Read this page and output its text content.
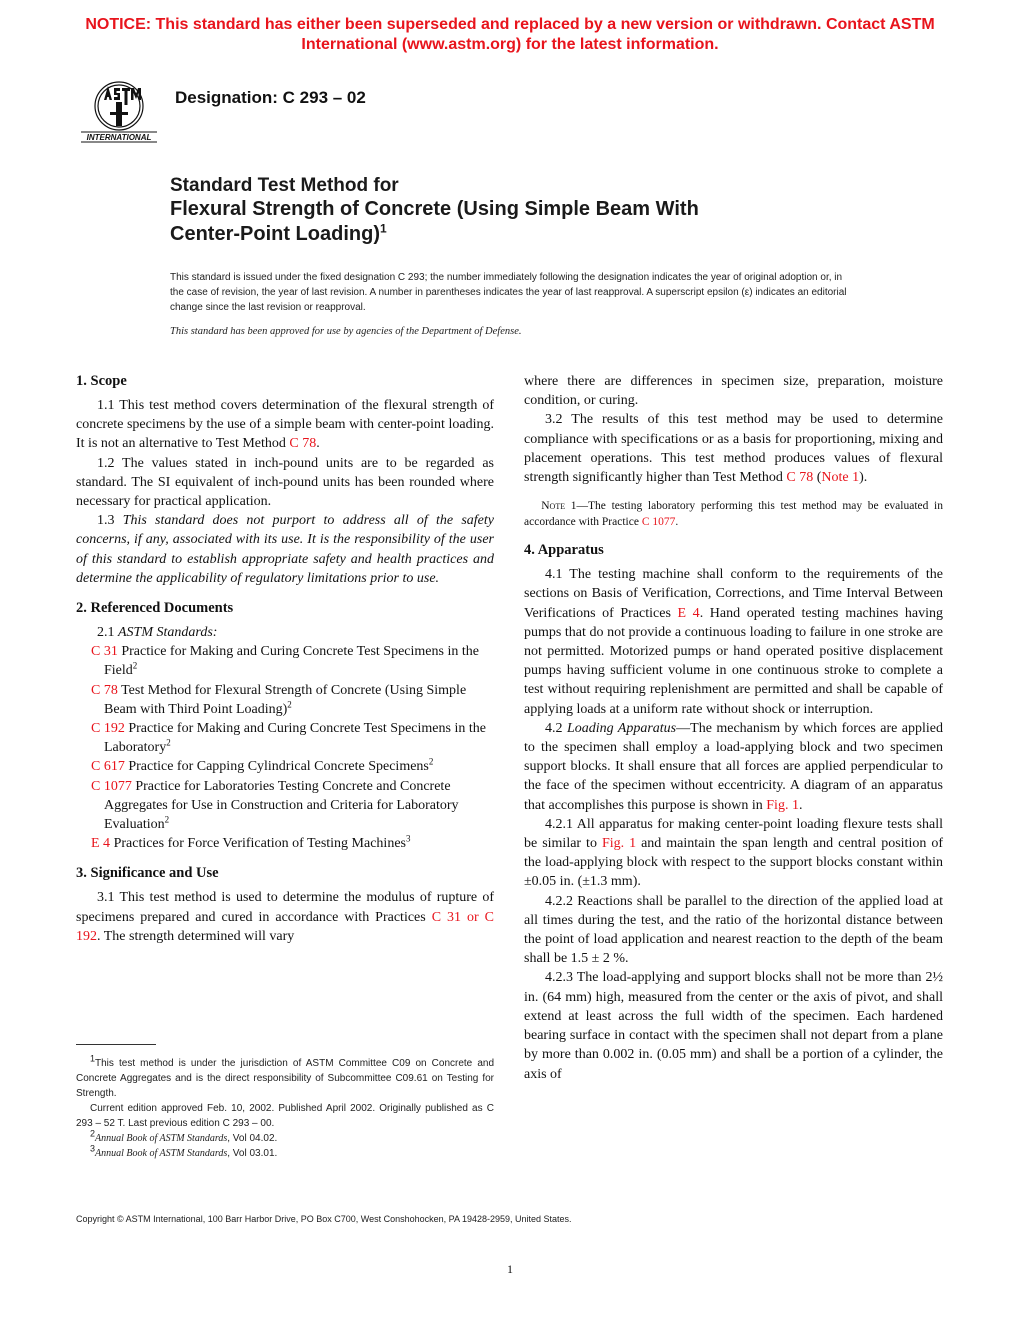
NOTICE: This standard has either been superseded and replaced by a new version or withdrawn. Contact ASTM
International (www.astm.org) for the latest information.
INTERNATIONAL
Designation: C 293 – 02
Standard Test Method for
Flexural Strength of Concrete (Using Simple Beam With
Center-Point Loading)$^1$
This standard is issued under the fixed designation C 293; the number immediately following the designation indicates the year of original adoption or, in the case of revision, the year of last revision. A number in parentheses indicates the year of last reapproval. A superscript epsilon (ε) indicates an editorial change since the last revision or reapproval.
This standard has been approved for use by agencies of the Department of Defense.
1. Scope

1.1 This test method covers determination of the flexural strength of concrete specimens by the use of a simple beam with center-point loading. It is not an alternative to Test Method C 78.

1.2 The values stated in inch-pound units are to be regarded as standard. The SI equivalent of inch-pound units has been rounded where necessary for practical application.

1.3 This standard does not purport to address all of the safety concerns, if any, associated with its use. It is the responsibility of the user of this standard to establish appropriate safety and health practices and determine the applicability of regulatory limitations prior to use.

2. Referenced Documents

2.1 ASTM Standards:

C 31 Practice for Making and Curing Concrete Test Specimens in the Field$^2$

C 78 Test Method for Flexural Strength of Concrete (Using Simple Beam with Third Point Loading)$^2$

C 192 Practice for Making and Curing Concrete Test Specimens in the Laboratory$^2$

C 617 Practice for Capping Cylindrical Concrete Specimens$^2$

C 1077 Practice for Laboratories Testing Concrete and Concrete Aggregates for Use in Construction and Criteria for Laboratory Evaluation$^2$

E 4 Practices for Force Verification of Testing Machines$^3$

3. Significance and Use

3.1 This test method is used to determine the modulus of rupture of specimens prepared and cured in accordance with Practices C 31 or C 192. The strength determined will vary

where there are differences in specimen size, preparation, moisture condition, or curing.

3.2 The results of this test method may be used to determine compliance with specifications or as a basis for proportioning, mixing and placement operations. This test method produces values of flexural strength significantly higher than Test Method C 78 (Note 1).

Note 1—The testing laboratory performing this test method may be evaluated in accordance with Practice C 1077.

4. Apparatus

4.1 The testing machine shall conform to the requirements of the sections on Basis of Verification, Corrections, and Time Interval Between Verifications of Practices E 4. Hand operated testing machines having pumps that do not provide a continuous loading to failure in one stroke are not permitted. Motorized pumps or hand operated positive displacement pumps having sufficient volume in one continuous stroke to complete a test without requiring replenishment are permitted and shall be capable of applying loads at a uniform rate without shock or interruption.

4.2 Loading Apparatus—The mechanism by which forces are applied to the specimen shall employ a load-applying block and two specimen support blocks. It shall ensure that all forces are applied perpendicular to the face of the specimen without eccentricity. A diagram of an apparatus that accomplishes this purpose is shown in Fig. 1.

4.2.1 All apparatus for making center-point loading flexure tests shall be similar to Fig. 1 and maintain the span length and central position of the load-applying block with respect to the support blocks constant within ±0.05 in. (±1.3 mm).

4.2.2 Reactions shall be parallel to the direction of the applied load at all times during the test, and the ratio of the horizontal distance between the point of load application and nearest reaction to the depth of the beam shall be 1.5 ± 2 %.

4.2.3 The load-applying and support blocks shall not be more than 2½ in. (64 mm) high, measured from the center or the axis of pivot, and shall extend at least across the full width of the specimen. Each hardened bearing surface in contact with the specimen shall not depart from a plane by more than 0.002 in. (0.05 mm) and shall be a portion of a cylinder, the axis of

$^1$This test method is under the jurisdiction of ASTM Committee C09 on Concrete and Concrete Aggregates and is the direct responsibility of Subcommittee C09.61 on Testing for Strength.

Current edition approved Feb. 10, 2002. Published April 2002. Originally published as C 293 – 52 T. Last previous edition C 293 – 00.

$^2$Annual Book of ASTM Standards, Vol 04.02.

$^3$Annual Book of ASTM Standards, Vol 03.01.

Copyright © ASTM International, 100 Barr Harbor Drive, PO Box C700, West Conshohocken, PA 19428-2959, United States.
1
